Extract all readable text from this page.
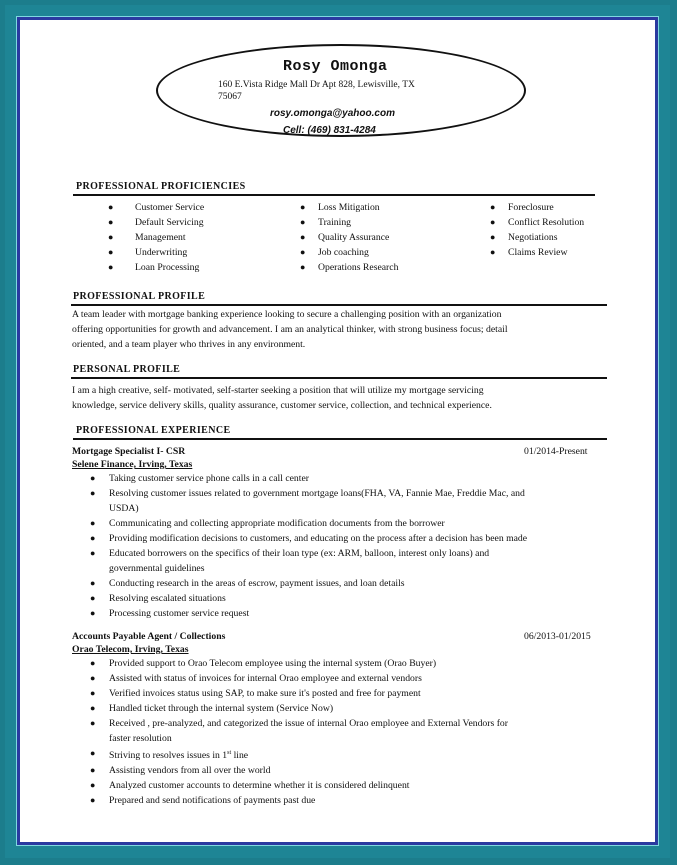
Rosy Omonga
160 E.Vista Ridge Mall Dr Apt 828, Lewisville, TX
75067
rosy.omonga@yahoo.com
Cell: (469) 831-4284
PROFESSIONAL PROFICIENCIES
● Customer Service
● Default Servicing
● Management
● Underwriting
● Loan Processing
● Loss Mitigation
● Training
● Quality Assurance
● Job coaching
● Operations Research
● Foreclosure
● Conflict Resolution
● Negotiations
● Claims Review
PROFESSIONAL PROFILE
A team leader with mortgage banking experience looking to secure a challenging position with an organization
offering opportunities for growth and advancement. I am an analytical thinker, with strong business focus; detail
oriented, and a team player who thrives in any environment.
PERSONAL PROFILE
I am a high creative, self- motivated, self-starter seeking a position that will utilize my mortgage servicing
knowledge, service delivery skills, quality assurance, customer service, collection, and technical experience.
PROFESSIONAL EXPERIENCE
Mortgage Specialist I- CSR	01/2014-Present
Selene Finance, Irving, Texas
● Taking customer service phone calls in a call center
● Resolving customer issues related to government mortgage loans(FHA, VA, Fannie Mae, Freddie Mac, and
USDA)
● Communicating and collecting appropriate modification documents from the borrower
● Providing modification decisions to customers, and educating on the process after a decision has been made
● Educated borrowers on the specifics of their loan type (ex: ARM, balloon, interest only loans) and
governmental guidelines
● Conducting research in the areas of escrow, payment issues, and loan details
● Resolving escalated situations
● Processing customer service request
Accounts Payable Agent / Collections	06/2013-01/2015
Orao Telecom, Irving, Texas
● Provided support to Orao Telecom employee using the internal system (Orao Buyer)
● Assisted with status of invoices for internal Orao employee and external vendors
● Verified invoices status using SAP, to make sure it's posted and free for payment
● Handled ticket through the internal system (Service Now)
● Received , pre-analyzed, and categorized the issue of internal Orao employee and External Vendors for
faster resolution
● Striving to resolves issues in 1st line
● Assisting vendors from all over the world
● Analyzed customer accounts to determine whether it is considered delinquent
● Prepared and send notifications of payments past due
